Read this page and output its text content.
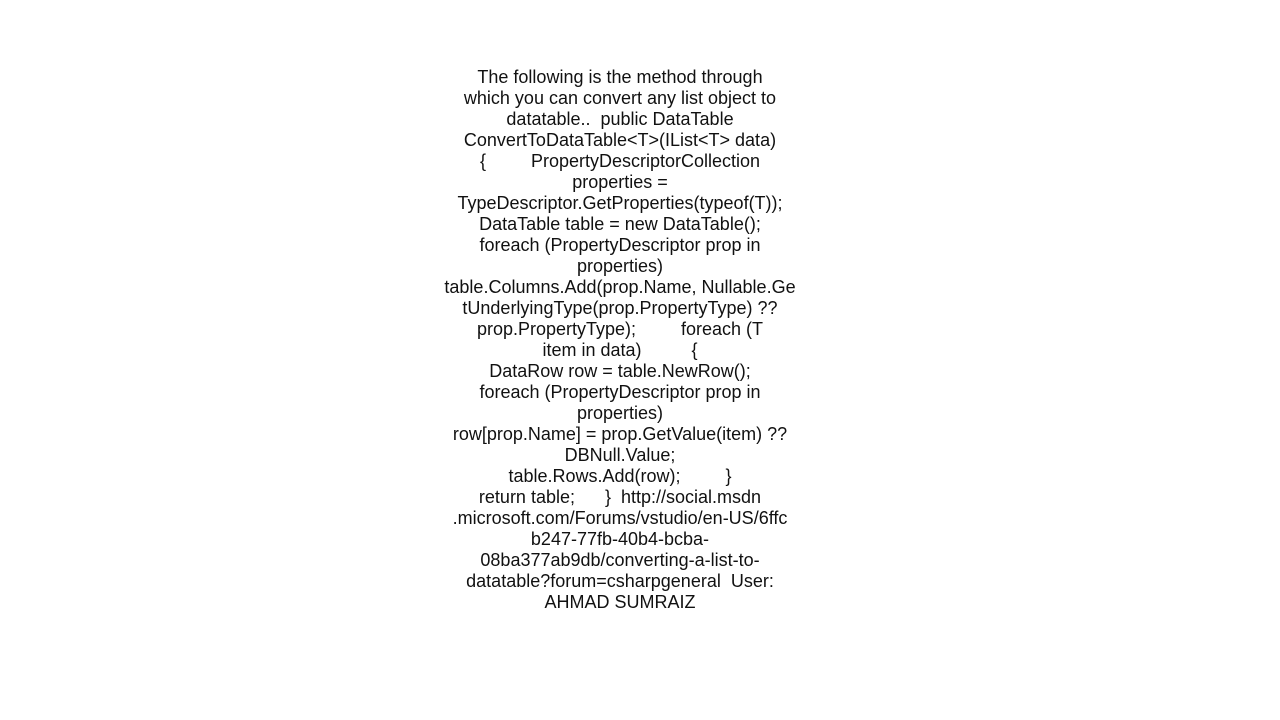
The following is the method through
which you can convert any list object to
datatable..  public DataTable
ConvertToDataTable<T>(IList<T> data)
{         PropertyDescriptorCollection
properties =
TypeDescriptor.GetProperties(typeof(T));
DataTable table = new DataTable();
foreach (PropertyDescriptor prop in
properties)
table.Columns.Add(prop.Name, Nullable.Ge
tUnderlyingType(prop.PropertyType) ??
prop.PropertyType);         foreach (T
item in data)          {
DataRow row = table.NewRow();
foreach (PropertyDescriptor prop in
properties)
row[prop.Name] = prop.GetValue(item) ??
DBNull.Value;
table.Rows.Add(row);         }
return table;      }  http://social.msdn
.microsoft.com/Forums/vstudio/en-US/6ffc
b247-77fb-40b4-bcba-
08ba377ab9db/converting-a-list-to-
datatable?forum=csharpgeneral  User:
AHMAD SUMRAIZ
